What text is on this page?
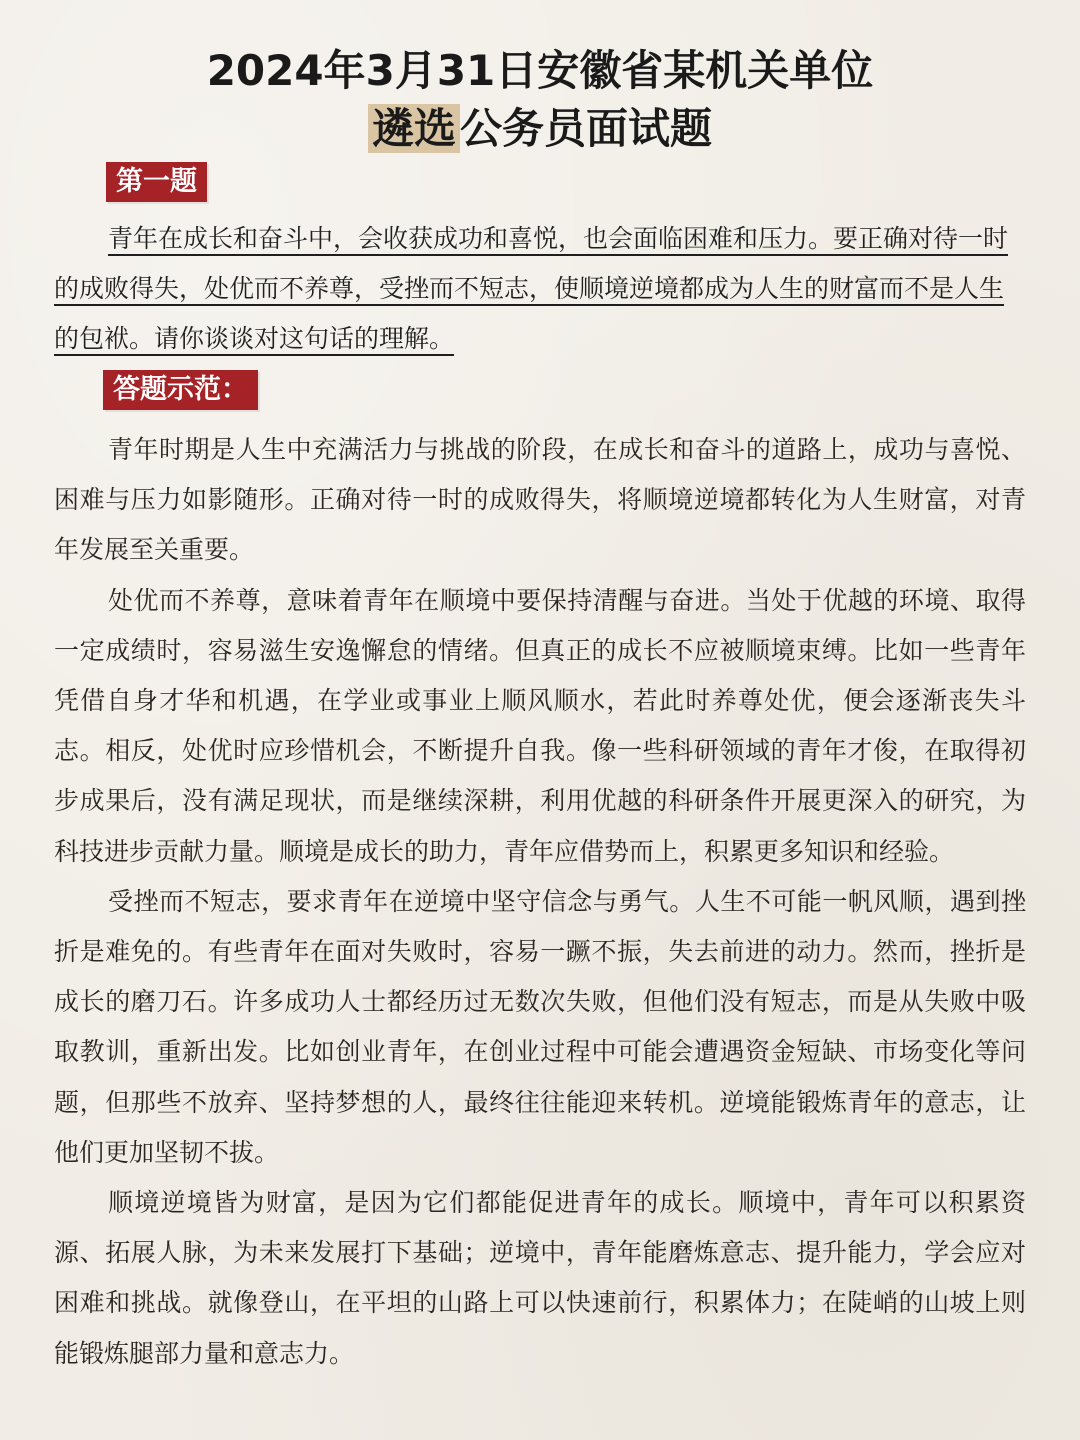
2024年3月31日安徽省某机关单位
遴选公务员面试题
第一题
青年在成长和奋斗中，会收获成功和喜悦，也会面临困难和压力。要正确对待一时的成败得失，处优而不养尊，受挫而不短志，使顺境逆境都成为人生的财富而不是人生的包袱。请你谈谈对这句话的理解。
答题示范：

青年时期是人生中充满活力与挑战的阶段，在成长和奋斗的道路上，成功与喜悦、困难与压力如影随形。正确对待一时的成败得失，将顺境逆境都转化为人生财富，对青年发展至关重要。

处优而不养尊，意味着青年在顺境中要保持清醒与奋进。当处于优越的环境、取得一定成绩时，容易滋生安逸懈怠的情绪。但真正的成长不应被顺境束缚。比如一些青年凭借自身才华和机遇，在学业或事业上顺风顺水，若此时养尊处优，便会逐渐丧失斗志。相反，处优时应珍惜机会，不断提升自我。像一些科研领域的青年才俊，在取得初步成果后，没有满足现状，而是继续深耕，利用优越的科研条件开展更深入的研究，为科技进步贡献力量。顺境是成长的助力，青年应借势而上，积累更多知识和经验。

受挫而不短志，要求青年在逆境中坚守信念与勇气。人生不可能一帆风顺，遇到挫折是难免的。有些青年在面对失败时，容易一蹶不振，失去前进的动力。然而，挫折是成长的磨刀石。许多成功人士都经历过无数次失败，但他们没有短志，而是从失败中吸取教训，重新出发。比如创业青年，在创业过程中可能会遭遇资金短缺、市场变化等问题，但那些不放弃、坚持梦想的人，最终往往能迎来转机。逆境能锻炼青年的意志，让他们更加坚韧不拔。

顺境逆境皆为财富，是因为它们都能促进青年的成长。顺境中，青年可以积累资源、拓展人脉，为未来发展打下基础；逆境中，青年能磨炼意志、提升能力，学会应对困难和挑战。就像登山，在平坦的山路上可以快速前行，积累体力；在陡峭的山坡上则能锻炼腿部力量和意志力。
